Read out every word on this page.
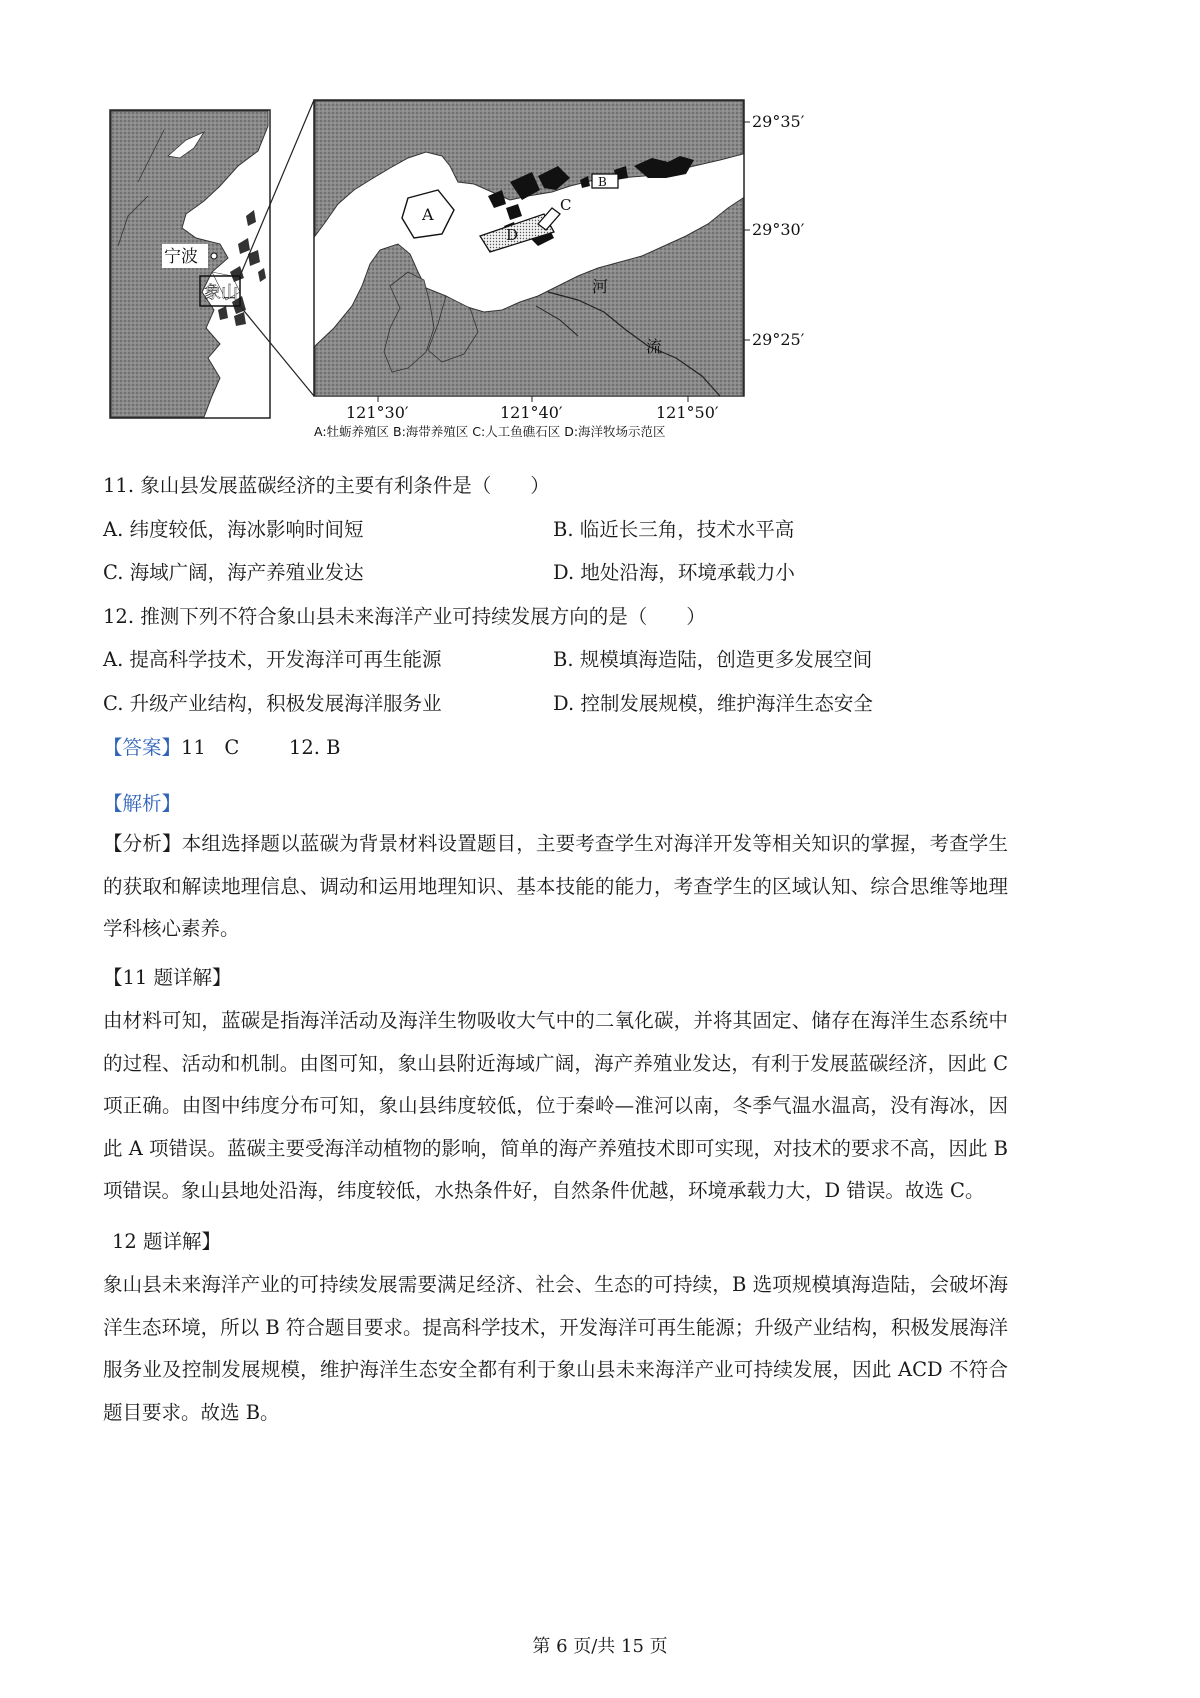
宁波
象山
A
B
D
C
河
流
29°35′
29°30′
29°25′
121°30′	121°40′	121°50′
A:牡蛎养殖区 B:海带养殖区 C:人工鱼礁石区 D:海洋牧场示范区
11. 象山县发展蓝碳经济的主要有利条件是（　　）
A. 纬度较低，海冰影响时间短	B. 临近长三角，技术水平高
C. 海域广阔，海产养殖业发达	D. 地处沿海，环境承载力小
12. 推测下列不符合象山县未来海洋产业可持续发展方向的是（　　）
A. 提高科学技术，开发海洋可再生能源	B. 规模填海造陆，创造更多发展空间
C. 升级产业结构，积极发展海洋服务业	D. 控制发展规模，维护海洋生态安全
【答案】11   C        12. B
【解析】
【分析】本组选择题以蓝碳为背景材料设置题目，主要考查学生对海洋开发等相关知识的掌握，考查学生的获取和解读地理信息、调动和运用地理知识、基本技能的能力，考查学生的区域认知、综合思维等地理学科核心素养。
【11 题详解】
由材料可知，蓝碳是指海洋活动及海洋生物吸收大气中的二氧化碳，并将其固定、储存在海洋生态系统中的过程、活动和机制。由图可知，象山县附近海域广阔，海产养殖业发达，有利于发展蓝碳经济，因此 C 项正确。由图中纬度分布可知，象山县纬度较低，位于秦岭—淮河以南，冬季气温水温高，没有海冰，因此 A 项错误。蓝碳主要受海洋动植物的影响，简单的海产养殖技术即可实现，对技术的要求不高，因此 B 项错误。象山县地处沿海，纬度较低，水热条件好，自然条件优越，环境承载力大，D 错误。故选 C。
12 题详解】
象山县未来海洋产业的可持续发展需要满足经济、社会、生态的可持续，B 选项规模填海造陆，会破坏海洋生态环境，所以 B 符合题目要求。提高科学技术，开发海洋可再生能源；升级产业结构，积极发展海洋服务业及控制发展规模，维护海洋生态安全都有利于象山县未来海洋产业可持续发展，因此 ACD 不符合题目要求。故选 B。
第 6 页/共 15 页
